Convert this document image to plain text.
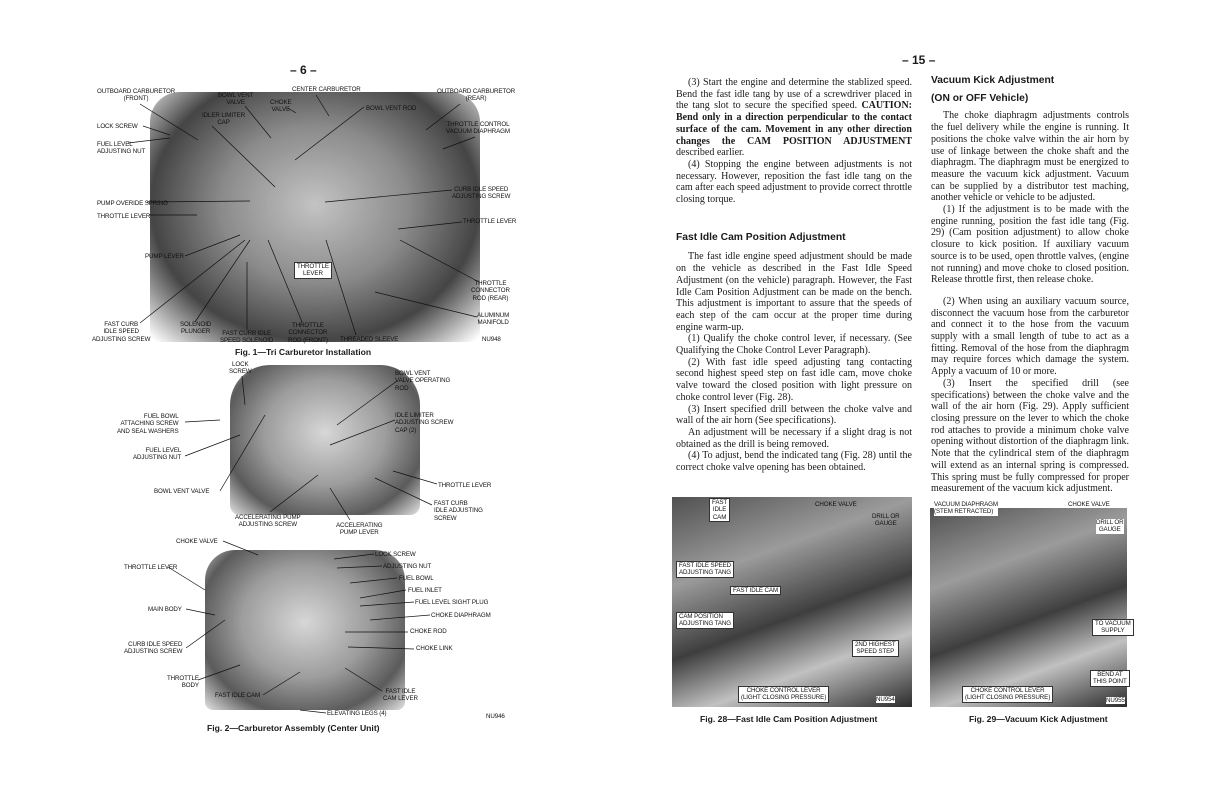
– 6 –
OUTBOARD CARBURETOR
(FRONT)	BOWL VENT
VALVE
CENTER CARBURETOR
CHOKE
VALVE	BOWL VENT ROD
OUTBOARD CARBURETOR
(REAR)
IDLER LIMITER
CAP
LOCK SCREW	THROTTLE CONTROL
VACUUM DIAPHRAGM
FUEL LEVEL
ADJUSTING NUT
CURB IDLE SPEED
ADJUSTING SCREW
PUMP OVERIDE SPRING
THROTTLE LEVER
THROTTLE LEVER
PUMP LEVER
THROTTLE
LEVER
THROTTLE
CONNECTOR
ROD (REAR)
ALUMINUM
MANIFOLD
FAST CURB
IDLE SPEED
ADJUSTING SCREW
SOLENOID
PLUNGER	FAST CURB IDLE
SPEED SOLENOID
THROTTLE
CONNECTOR
ROD (FRONT) THREADED SLEEVE	NU948
Fig. 1—Tri Carburetor Installation
LOCK
SCREW	BOWL VENT
VALVE OPERATING
ROD
FUEL BOWL
ATTACHING SCREW
AND SEAL WASHERS
IDLE LIMITER
ADJUSTING SCREW
CAP (2)
FUEL LEVEL
ADJUSTING NUT
THROTTLE LEVER
BOWL VENT VALVE
FAST CURB
IDLE ADJUSTING
SCREW
ACCELERATING PUMP
ADJUSTING SCREW	ACCELERATING
PUMP LEVER
CHOKE VALVE
LOCK SCREW
THROTTLE LEVER	ADJUSTING NUT
FUEL BOWL
FUEL INLET
FUEL LEVEL SIGHT PLUG
MAIN BODY
CHOKE DIAPHRAGM
CHOKE ROD
CURB IDLE SPEED
ADJUSTING SCREW	CHOKE LINK
THROTTLE
BODY
FAST IDLE CAM
FAST IDLE
CAM LEVER
ELEVATING LEGS (4)	NU946
Fig. 2—Carburetor Assembly (Center Unit)
– 15 –

(3) Start the engine and determine the stablized speed. Bend the fast idle tang by use of a screwdriver placed in the tang slot to secure the specified speed. CAUTION: Bend only in a direction perpendicular to the contact surface of the cam. Movement in any other direction changes the CAM POSITION ADJUSTMENT described earlier.

(4) Stopping the engine between adjustments is not necessary. However, reposition the fast idle tang on the cam after each speed adjustment to provide correct throttle closing torque.

Fast Idle Cam Position Adjustment

The fast idle engine speed adjustment should be made on the vehicle as described in the Fast Idle Speed Adjustment (on the vehicle) paragraph. However, the Fast Idle Cam Position Adjustment can be made on the bench. This adjustment is important to assure that the speeds of each step of the cam occur at the proper time during engine warm-up.

(1) Qualify the choke control lever, if necessary. (See Qualifying the Choke Control Lever Paragraph).

(2) With fast idle speed adjusting tang contacting second highest speed step on fast idle cam, move choke valve toward the closed position with light pressure on choke control lever (Fig. 28).

(3) Insert specified drill between the choke valve and wall of the air horn (See specifications).

An adjustment will be necessary if a slight drag is not obtained as the drill is being removed.

(4) To adjust, bend the indicated tang (Fig. 28) until the correct choke valve opening has been obtained.

Vacuum Kick Adjustment

(ON or OFF Vehicle)

The choke diaphragm adjustments controls the fuel delivery while the engine is running. It positions the choke valve within the air horn by use of linkage between the choke shaft and the diaphragm. The diaphragm must be energized to measure the vacuum kick adjustment. Vacuum can be supplied by a distributor test maching, another vehicle or vehicle to be adjusted.

(1) If the adjustment is to be made with the engine running, position the fast idle tang (Fig. 29) (Cam position adjustment) to allow choke closure to kick position. If auxiliary vacuum source is to be used, open throttle valves, (engine not running) and move choke to closed position. Release throttle first, then release choke.

(2) When using an auxiliary vacuum source, disconnect the vacuum hose from the carburetor and connect it to the hose from the vacuum supply with a small length of tube to act as a fitting. Removal of the hose from the diaphragm may require forces which damage the system. Apply a vacuum of 10 or more.

(3) Insert the specified drill (see specifications) between the choke valve and the wall of the air horn (Fig. 29). Apply sufficient closing pressure on the lever to which the choke rod attaches to provide a minimum choke valve opening without distortion of the diaphragm link. Note that the cylindrical stem of the diaphragm will extend as an internal spring is compressed. This spring must be fully compressed for proper measurement of the vacuum kick adjustment.

FAST
IDLE
CAM
CHOKE VALVE
DRILL OR
GAUGE
FAST IDLE SPEED
ADJUSTING TANG
FAST IDLE CAM
CAM POSITION
ADJUSTING TANG
2ND HIGHEST
SPEED STEP
CHOKE CONTROL LEVER
(LIGHT CLOSING PRESSURE)	NU954
Fig. 28—Fast Idle Cam Position Adjustment
VACUUM DIAPHRAGM
(STEM RETRACTED)
CHOKE VALVE
DRILL OR
GAUGE
TO VACUUM
SUPPLY
BEND AT
THIS POINT
CHOKE CONTROL LEVER
(LIGHT CLOSING PRESSURE)	NU955
Fig. 29—Vacuum Kick Adjustment
